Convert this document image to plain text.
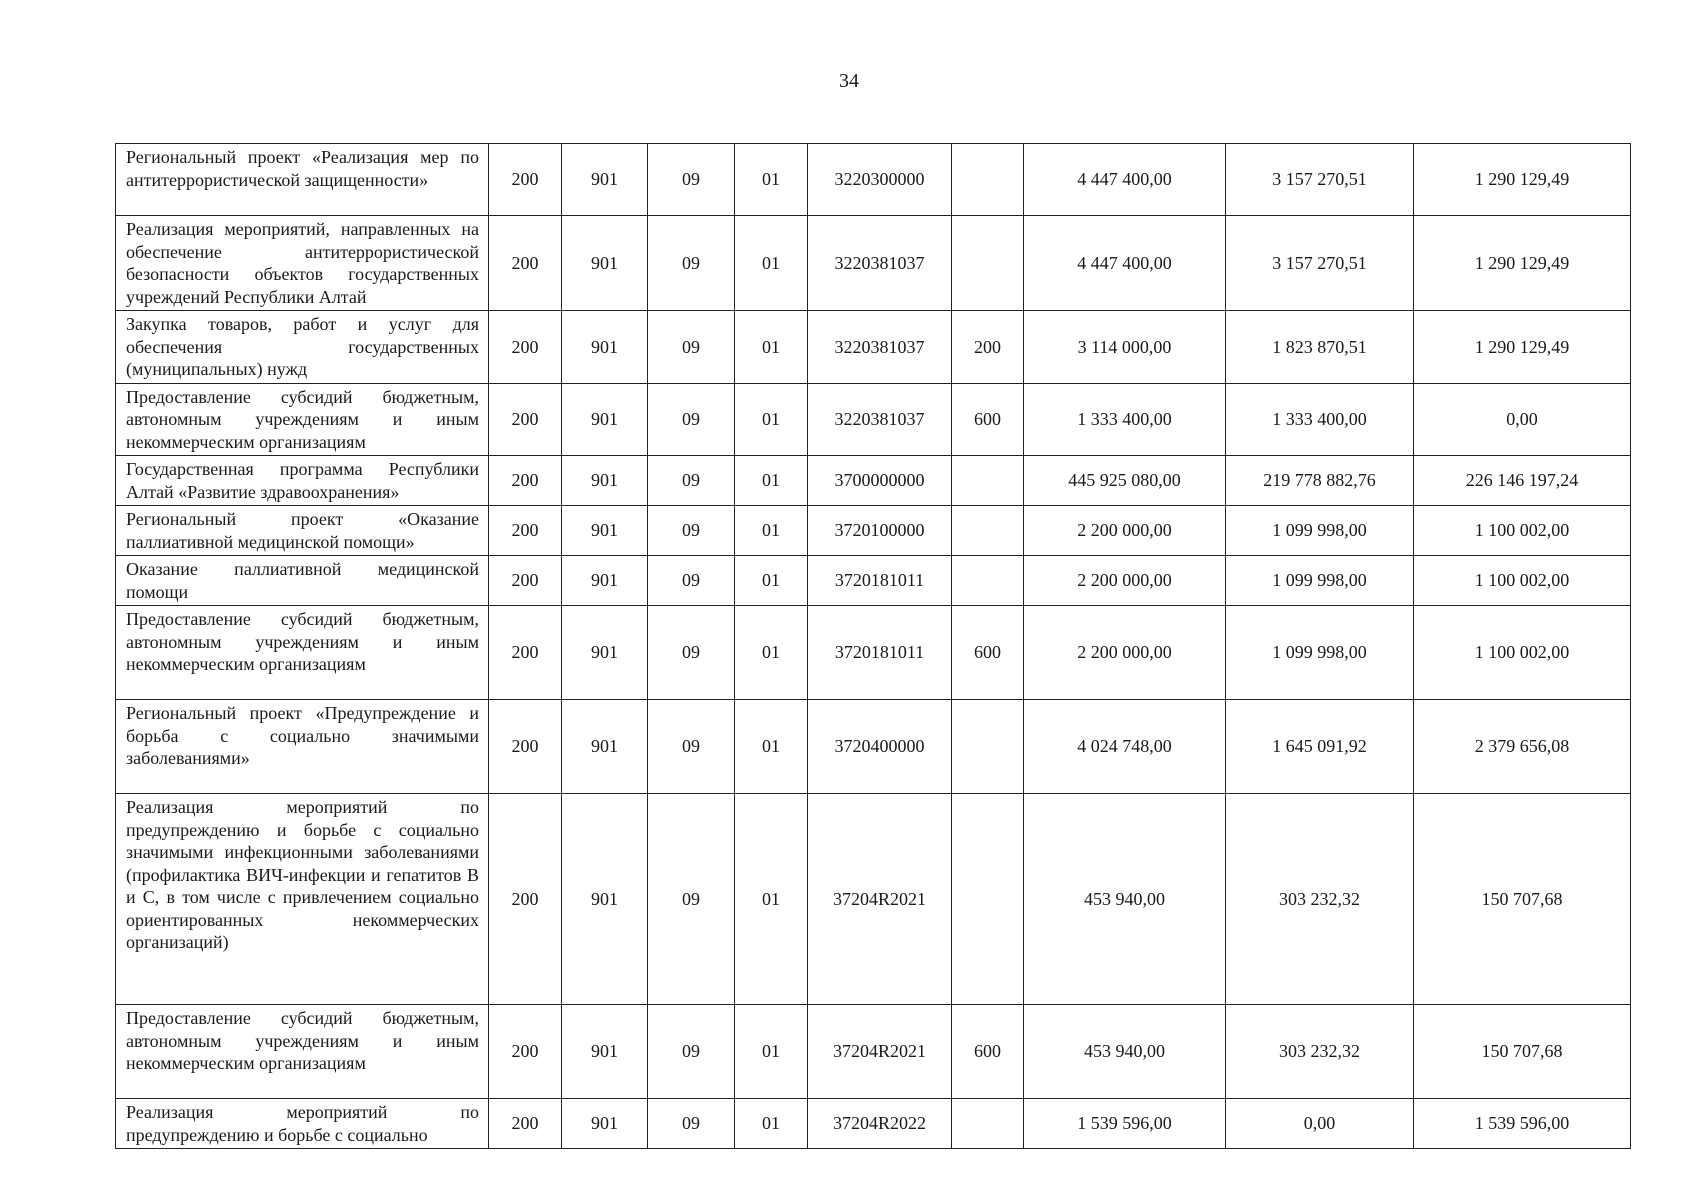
34
Региональный проект «Реализация мер по антитеррористической защищенности»	200	901	09	01	3220300000		4 447 400,00	3 157 270,51	1 290 129,49
Реализация мероприятий, направленных на обеспечение антитеррористической безопасности объектов государственных учреждений Республики Алтай	200	901	09	01	3220381037		4 447 400,00	3 157 270,51	1 290 129,49
Закупка товаров, работ и услуг для обеспечения государственных (муниципальных) нужд	200	901	09	01	3220381037	200	3 114 000,00	1 823 870,51	1 290 129,49
Предоставление субсидий бюджетным, автономным учреждениям и иным некоммерческим организациям	200	901	09	01	3220381037	600	1 333 400,00	1 333 400,00	0,00
Государственная программа Республики Алтай «Развитие здравоохранения»	200	901	09	01	3700000000		445 925 080,00	219 778 882,76	226 146 197,24
Региональный проект «Оказание паллиативной медицинской помощи»	200	901	09	01	3720100000		2 200 000,00	1 099 998,00	1 100 002,00
Оказание паллиативной медицинской помощи	200	901	09	01	3720181011		2 200 000,00	1 099 998,00	1 100 002,00
Предоставление субсидий бюджетным, автономным учреждениям и иным некоммерческим организациям	200	901	09	01	3720181011	600	2 200 000,00	1 099 998,00	1 100 002,00
Региональный проект «Предупреждение и борьба с социально значимыми заболеваниями»	200	901	09	01	3720400000		4 024 748,00	1 645 091,92	2 379 656,08
Реализация мероприятий по предупреждению и борьбе с социально значимыми инфекционными заболеваниями (профилактика ВИЧ-инфекции и гепатитов В и С, в том числе с привлечением социально ориентированных некоммерческих организаций)	200	901	09	01	37204R2021		453 940,00	303 232,32	150 707,68
Предоставление субсидий бюджетным, автономным учреждениям и иным некоммерческим организациям	200	901	09	01	37204R2021	600	453 940,00	303 232,32	150 707,68
Реализация мероприятий по предупреждению и борьбе с социально	200	901	09	01	37204R2022		1 539 596,00	0,00	1 539 596,00
